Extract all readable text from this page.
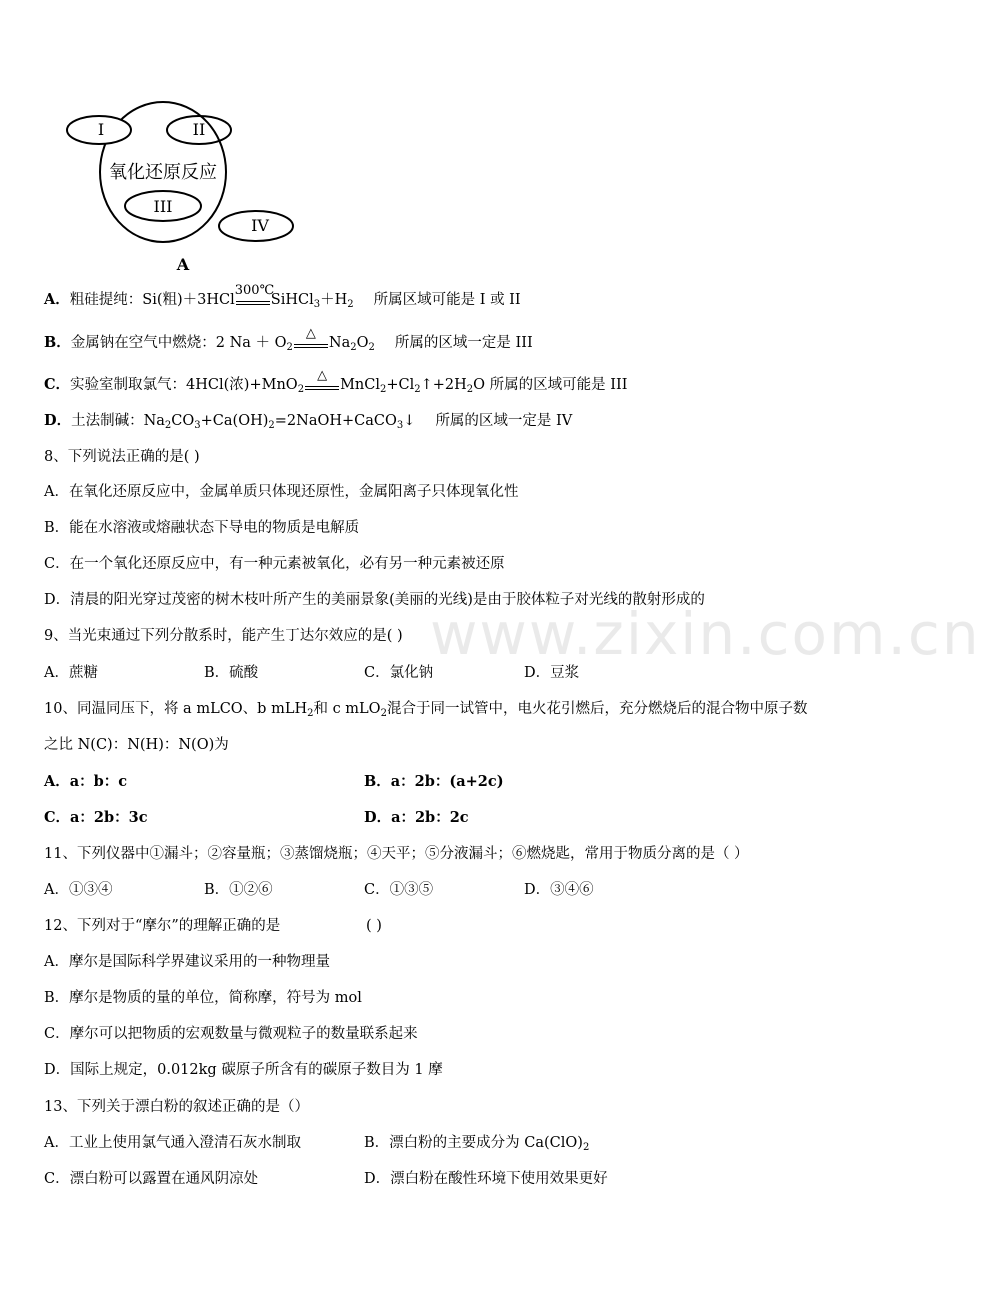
I	II
氧化还原反应
III
IV
A
A．粗硅提纯：Si(粗)＋3HCl
300℃
$SiHCl_3+H_2$ 所属区域可能是 I 或 II
B．金属钠在空气中燃烧：2 $Na + O_2$
△
$Na_2O_2$ 所属的区域一定是 III
C．实验室制取氯气：4HCl(浓)+MnO$_2$
△
$MnCl_2+Cl_2↑+2H_2O$ 所属的区域可能是 III
D．土法制碱：$Na_2CO_3+Ca(OH)_2=2NaOH+CaCO_3↓$ 所属的区域一定是 IV
8、下列说法正确的是( )
A．在氧化还原反应中，金属单质只体现还原性，金属阳离子只体现氧化性
B．能在水溶液或熔融状态下导电的物质是电解质
C．在一个氧化还原反应中，有一种元素被氧化，必有另一种元素被还原
D．清晨的阳光穿过茂密的树木枝叶所产生的美丽景象(美丽的光线)是由于胶体粒子对光线的散射形成的
9、当光束通过下列分散系时，能产生丁达尔效应的是( )
A．蔗糖	B．硫酸	C．氯化钠	D．豆浆
10、同温同压下，将 a mLCO、b mLH$_2$和 c mLO$_2$混合于同一试管中，电火花引燃后，充分燃烧后的混合物中原子数
之比 N(C)：N(H)：N(O)为
A．a：b：c	B．a：2b：(a+2c)
C．a：2b：3c	D．a：2b：2c
11、下列仪器中①漏斗；②容量瓶；③蒸馏烧瓶；④天平；⑤分液漏斗；⑥燃烧匙，常用于物质分离的是（ ）
A．①③④	B．①②⑥	C．①③⑤	D．③④⑥
12、下列对于“摩尔”的理解正确的是	( )
A．摩尔是国际科学界建议采用的一种物理量
B．摩尔是物质的量的单位，简称摩，符号为 mol
C．摩尔可以把物质的宏观数量与微观粒子的数量联系起来
D．国际上规定，0.012kg 碳原子所含有的碳原子数目为 1 摩
13、下列关于漂白粉的叙述正确的是（）
A．工业上使用氯气通入澄清石灰水制取	B．漂白粉的主要成分为 $Ca(ClO)_2$
C．漂白粉可以露置在通风阴凉处	D．漂白粉在酸性环境下使用效果更好
www.zixin.com.cn
